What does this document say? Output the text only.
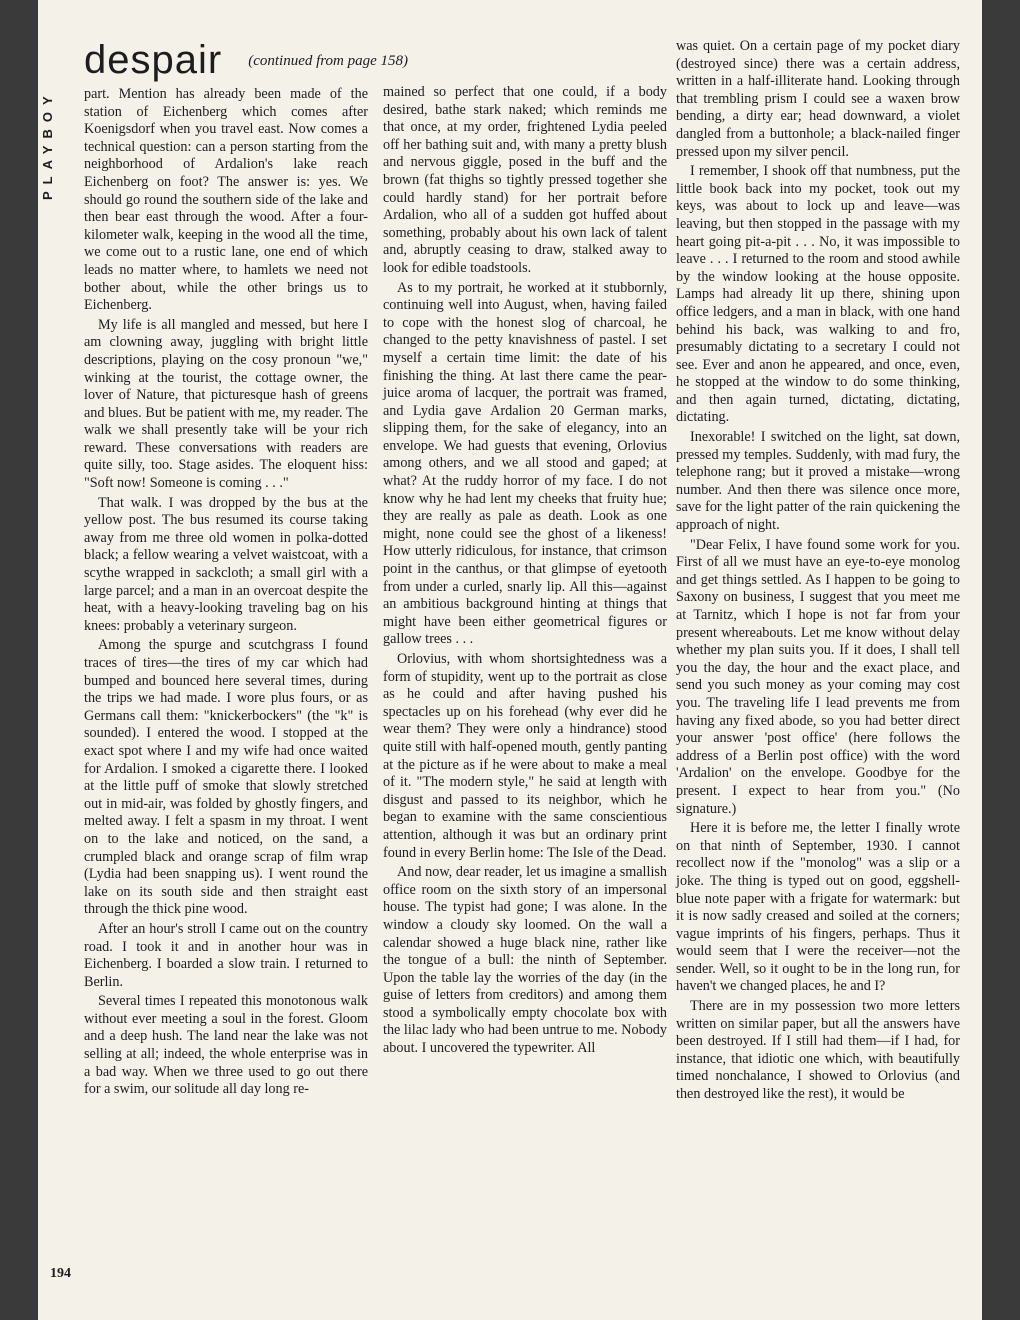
PLAYBOY
despair (continued from page 158)

part. Mention has already been made of the station of Eichenberg which comes after Koenigsdorf when you travel east. Now comes a technical question: can a person starting from the neighborhood of Ardalion's lake reach Eichenberg on foot? The answer is: yes. We should go round the southern side of the lake and then bear east through the wood. After a four-kilometer walk, keeping in the wood all the time, we come out to a rustic lane, one end of which leads no matter where, to hamlets we need not bother about, while the other brings us to Eichenberg.

My life is all mangled and messed, but here I am clowning away, juggling with bright little descriptions, playing on the cosy pronoun "we," winking at the tourist, the cottage owner, the lover of Nature, that picturesque hash of greens and blues. But be patient with me, my reader. The walk we shall presently take will be your rich reward. These conversations with readers are quite silly, too. Stage asides. The eloquent hiss: "Soft now! Someone is coming . . ."

That walk. I was dropped by the bus at the yellow post. The bus resumed its course taking away from me three old women in polka-dotted black; a fellow wearing a velvet waistcoat, with a scythe wrapped in sackcloth; a small girl with a large parcel; and a man in an overcoat despite the heat, with a heavy-looking traveling bag on his knees: probably a veterinary surgeon.

Among the spurge and scutchgrass I found traces of tires—the tires of my car which had bumped and bounced here several times, during the trips we had made. I wore plus fours, or as Germans call them: "knickerbockers" (the "k" is sounded). I entered the wood. I stopped at the exact spot where I and my wife had once waited for Ardalion. I smoked a cigarette there. I looked at the little puff of smoke that slowly stretched out in mid-air, was folded by ghostly fingers, and melted away. I felt a spasm in my throat. I went on to the lake and noticed, on the sand, a crumpled black and orange scrap of film wrap (Lydia had been snapping us). I went round the lake on its south side and then straight east through the thick pine wood.

After an hour's stroll I came out on the country road. I took it and in another hour was in Eichenberg. I boarded a slow train. I returned to Berlin.

Several times I repeated this monotonous walk without ever meeting a soul in the forest. Gloom and a deep hush. The land near the lake was not selling at all; indeed, the whole enterprise was in a bad way. When we three used to go out there for a swim, our solitude all day long re-

mained so perfect that one could, if a body desired, bathe stark naked; which reminds me that once, at my order, frightened Lydia peeled off her bathing suit and, with many a pretty blush and nervous giggle, posed in the buff and the brown (fat thighs so tightly pressed together she could hardly stand) for her portrait before Ardalion, who all of a sudden got huffed about something, probably about his own lack of talent and, abruptly ceasing to draw, stalked away to look for edible toadstools.

As to my portrait, he worked at it stubbornly, continuing well into August, when, having failed to cope with the honest slog of charcoal, he changed to the petty knavishness of pastel. I set myself a certain time limit: the date of his finishing the thing. At last there came the pear-juice aroma of lacquer, the portrait was framed, and Lydia gave Ardalion 20 German marks, slipping them, for the sake of elegancy, into an envelope. We had guests that evening, Orlovius among others, and we all stood and gaped; at what? At the ruddy horror of my face. I do not know why he had lent my cheeks that fruity hue; they are really as pale as death. Look as one might, none could see the ghost of a likeness! How utterly ridiculous, for instance, that crimson point in the canthus, or that glimpse of eyetooth from under a curled, snarly lip. All this—against an ambitious background hinting at things that might have been either geometrical figures or gallow trees . . .

Orlovius, with whom shortsightedness was a form of stupidity, went up to the portrait as close as he could and after having pushed his spectacles up on his forehead (why ever did he wear them? They were only a hindrance) stood quite still with half-opened mouth, gently panting at the picture as if he were about to make a meal of it. "The modern style," he said at length with disgust and passed to its neighbor, which he began to examine with the same conscientious attention, although it was but an ordinary print found in every Berlin home: The Isle of the Dead.

And now, dear reader, let us imagine a smallish office room on the sixth story of an impersonal house. The typist had gone; I was alone. In the window a cloudy sky loomed. On the wall a calendar showed a huge black nine, rather like the tongue of a bull: the ninth of September. Upon the table lay the worries of the day (in the guise of letters from creditors) and among them stood a symbolically empty chocolate box with the lilac lady who had been untrue to me. Nobody about. I uncovered the typewriter. All

was quiet. On a certain page of my pocket diary (destroyed since) there was a certain address, written in a half-illiterate hand. Looking through that trembling prism I could see a waxen brow bending, a dirty ear; head downward, a violet dangled from a buttonhole; a black-nailed finger pressed upon my silver pencil.

I remember, I shook off that numbness, put the little book back into my pocket, took out my keys, was about to lock up and leave—was leaving, but then stopped in the passage with my heart going pit-a-pit . . . No, it was impossible to leave . . . I returned to the room and stood awhile by the window looking at the house opposite. Lamps had already lit up there, shining upon office ledgers, and a man in black, with one hand behind his back, was walking to and fro, presumably dictating to a secretary I could not see. Ever and anon he appeared, and once, even, he stopped at the window to do some thinking, and then again turned, dictating, dictating, dictating.

Inexorable! I switched on the light, sat down, pressed my temples. Suddenly, with mad fury, the telephone rang; but it proved a mistake—wrong number. And then there was silence once more, save for the light patter of the rain quickening the approach of night.

"Dear Felix, I have found some work for you. First of all we must have an eye-to-eye monolog and get things settled. As I happen to be going to Saxony on business, I suggest that you meet me at Tarnitz, which I hope is not far from your present whereabouts. Let me know without delay whether my plan suits you. If it does, I shall tell you the day, the hour and the exact place, and send you such money as your coming may cost you. The traveling life I lead prevents me from having any fixed abode, so you had better direct your answer 'post office' (here follows the address of a Berlin post office) with the word 'Ardalion' on the envelope. Goodbye for the present. I expect to hear from you." (No signature.)

Here it is before me, the letter I finally wrote on that ninth of September, 1930. I cannot recollect now if the "monolog" was a slip or a joke. The thing is typed out on good, eggshell-blue note paper with a frigate for watermark: but it is now sadly creased and soiled at the corners; vague imprints of his fingers, perhaps. Thus it would seem that I were the receiver—not the sender. Well, so it ought to be in the long run, for haven't we changed places, he and I?

There are in my possession two more letters written on similar paper, but all the answers have been destroyed. If I still had them—if I had, for instance, that idiotic one which, with beautifully timed nonchalance, I showed to Orlovius (and then destroyed like the rest), it would be

194
